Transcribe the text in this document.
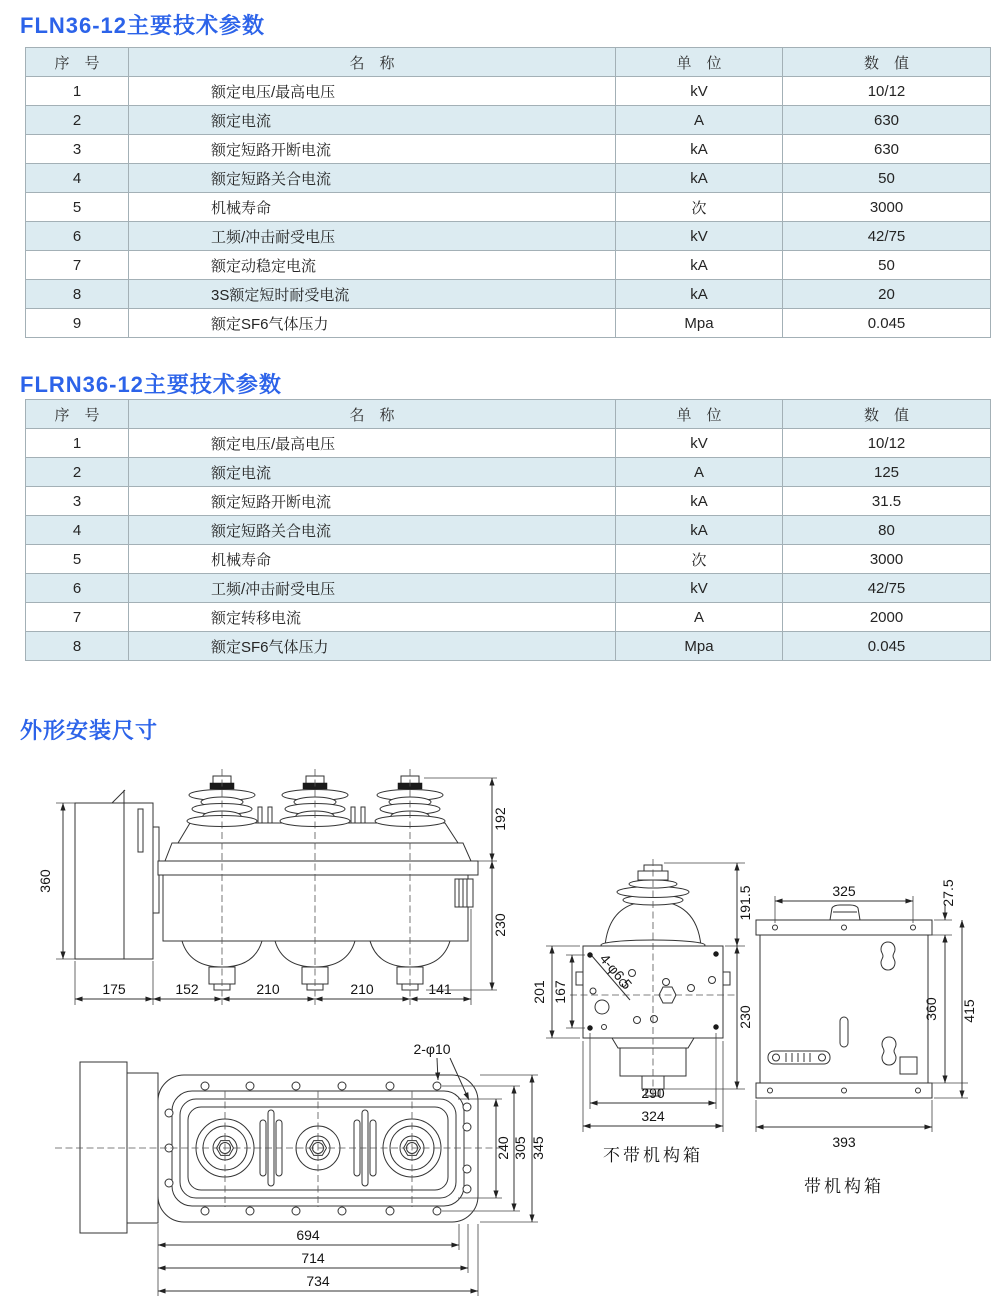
FLN36-12主要技术参数
序　号	名　称	单　位	数　值
1	额定电压/最高电压	kV	10/12
2	额定电流	A	630
3	额定短路开断电流	kA	630
4	额定短路关合电流	kA	50
5	机械寿命	次	3000
6	工频/冲击耐受电压	kV	42/75
7	额定动稳定电流	kA	50
8	3S额定短时耐受电流	kA	20
9	额定SF6气体压力	Mpa	0.045
FLRN36-12主要技术参数
序　号	名　称	单　位	数　值
1	额定电压/最高电压	kV	10/12
2	额定电流	A	125
3	额定短路开断电流	kA	31.5
4	额定短路关合电流	kA	80
5	机械寿命	次	3000
6	工频/冲击耐受电压	kV	42/75
7	额定转移电流	A	2000
8	额定SF6气体压力	Mpa	0.045
外形安装尺寸
360
175	152	210	210	141
192
230
2-φ10
240 305 345
694
714
734
4-φ6.5
201 167
191.5
230
290
324
不带机构箱
325	27.5
360 415
393
带机构箱
